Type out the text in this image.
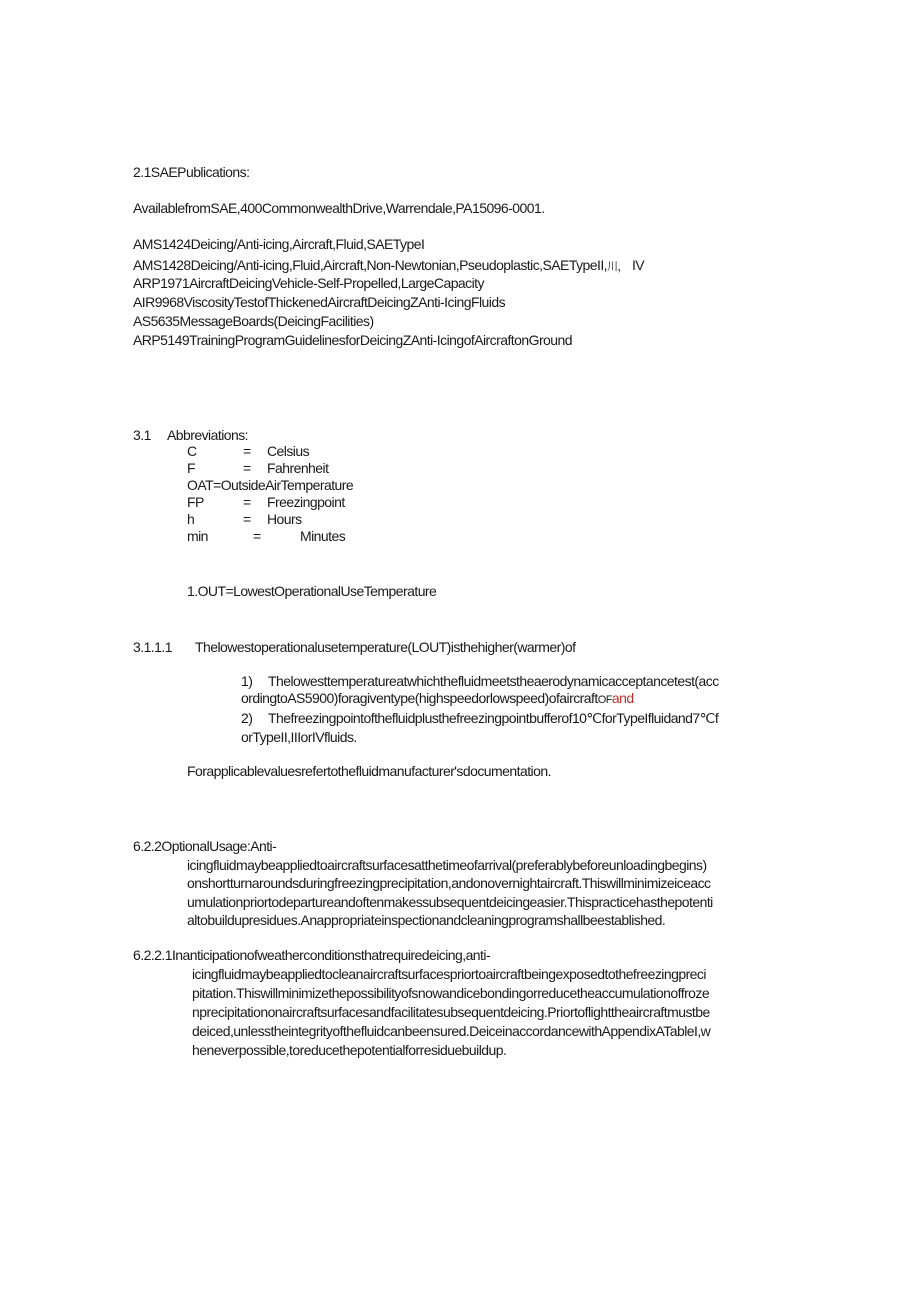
2.1SAEPublications:
AvailablefromSAE,400CommonwealthDrive,Warrendale,PA15096-0001.
AMS1424Deicing/Anti-icing,Aircraft,Fluid,SAETypeI
AMS1428Deicing/Anti-icing,Fluid,Aircraft,Non-Newtonian,Pseudoplastic,SAETypeII,川， IV
ARP1971AircraftDeicingVehicle-Self-Propelled,LargeCapacity
AIR9968ViscosityTestofThickenedAircraftDeicingZAnti-IcingFluids
AS5635MessageBoards(DeicingFacilities)
ARP5149TrainingProgramGuidelinesforDeicingZAnti-IcingofAircraftonGround
3.1 Abbreviations:
C	= Celsius
F	= Fahrenheit
OAT=OutsideAirTemperature
FP	= Freezingpoint
h	= Hours
min	=	Minutes
1.OUT=LowestOperationalUseTemperature
3.1.1.1 Thelowestoperationalusetemperature(LOUT)isthehigher(warmer)of
1) Thelowesttemperatureatwhichthefluidmeetstheaerodynamicacceptancetest(acc
ordingtoAS5900)foragiventype(highspeedorlowspeed)ofaircraftOFand
2) Thefreezingpointofthefluidplusthefreezingpointbufferof10℃forTypeIfluidand7℃f
orTypeII,IIIorIVfluids.
Forapplicablevaluesrefertothefluidmanufacturer'sdocumentation.
6.2.2OptionalUsage:Anti-
icingfluidmaybeappliedtoaircraftsurfacesatthetimeofarrival(preferablybeforeunloadingbegins)
onshortturnaroundsduringfreezingprecipitation,andonovernightaircraft.Thiswillminimizeiceacc
umulationpriortodepartureandoftenmakessubsequentdeicingeasier.Thispracticehasthepotenti
altobuildupresidues.Anappropriateinspectionandcleaningprogramshallbeestablished.
6.2.2.1Inanticipationofweatherconditionsthatrequiredeicing,anti-
icingfluidmaybeappliedtocleanaircraftsurfacespriortoaircraftbeingexposedtothefreezingpreci
pitation.Thiswillminimizethepossibilityofsnowandicebondingorreducetheaccumulationoffroze
nprecipitationonaircraftsurfacesandfacilitatesubsequentdeicing.Priortoflighttheaircraftmustbe
deiced,unlesstheintegrityofthefluidcanbeensured.DeiceinaccordancewithAppendixATableI,w
heneverpossible,toreducethepotentialforresiduebuildup.
